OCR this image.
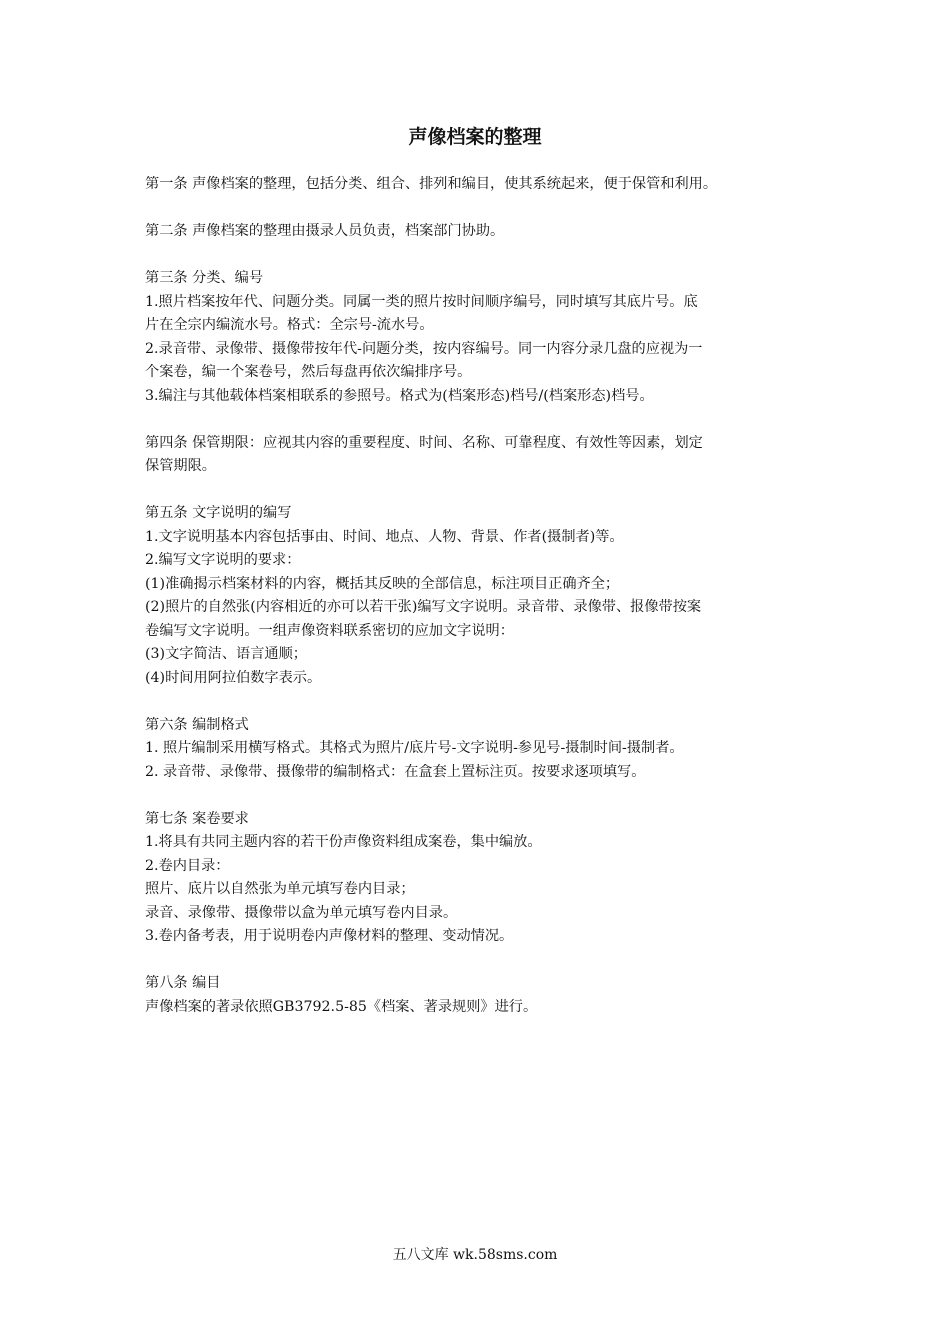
声像档案的整理

第一条 声像档案的整理，包括分类、组合、排列和编目，使其系统起来，便于保管和利用。

第二条 声像档案的整理由摄录人员负责，档案部门协助。

第三条 分类、编号

1.照片档案按年代、问题分类。同属一类的照片按时间顺序编号，同时填写其底片号。底

片在全宗内编流水号。格式：全宗号-流水号。

2.录音带、录像带、摄像带按年代-问题分类，按内容编号。同一内容分录几盘的应视为一

个案卷，编一个案卷号，然后每盘再依次编排序号。

3.编注与其他载体档案相联系的参照号。格式为(档案形态)档号/(档案形态)档号。

第四条 保管期限：应视其内容的重要程度、时间、名称、可靠程度、有效性等因素，划定

保管期限。

第五条 文字说明的编写

1.文字说明基本内容包括事由、时间、地点、人物、背景、作者(摄制者)等。

2.编写文字说明的要求：

(1)准确揭示档案材料的内容，概括其反映的全部信息，标注项目正确齐全；

(2)照片的自然张(内容相近的亦可以若干张)编写文字说明。录音带、录像带、报像带按案

卷编写文字说明。一组声像资料联系密切的应加文字说明：

(3)文字简洁、语言通顺；

(4)时间用阿拉伯数字表示。

第六条 编制格式

1. 照片编制采用横写格式。其格式为照片/底片号-文字说明-参见号-摄制时间-摄制者。

2. 录音带、录像带、摄像带的编制格式：在盒套上置标注页。按要求逐项填写。

第七条 案卷要求

1.将具有共同主题内容的若干份声像资料组成案卷，集中编放。

2.卷内目录：

照片、底片以自然张为单元填写卷内目录；

录音、录像带、摄像带以盒为单元填写卷内目录。

3.卷内备考表，用于说明卷内声像材料的整理、变动情况。

第八条 编目

声像档案的著录依照GB3792.5-85《档案、著录规则》进行。

五八文库 wk.58sms.com
